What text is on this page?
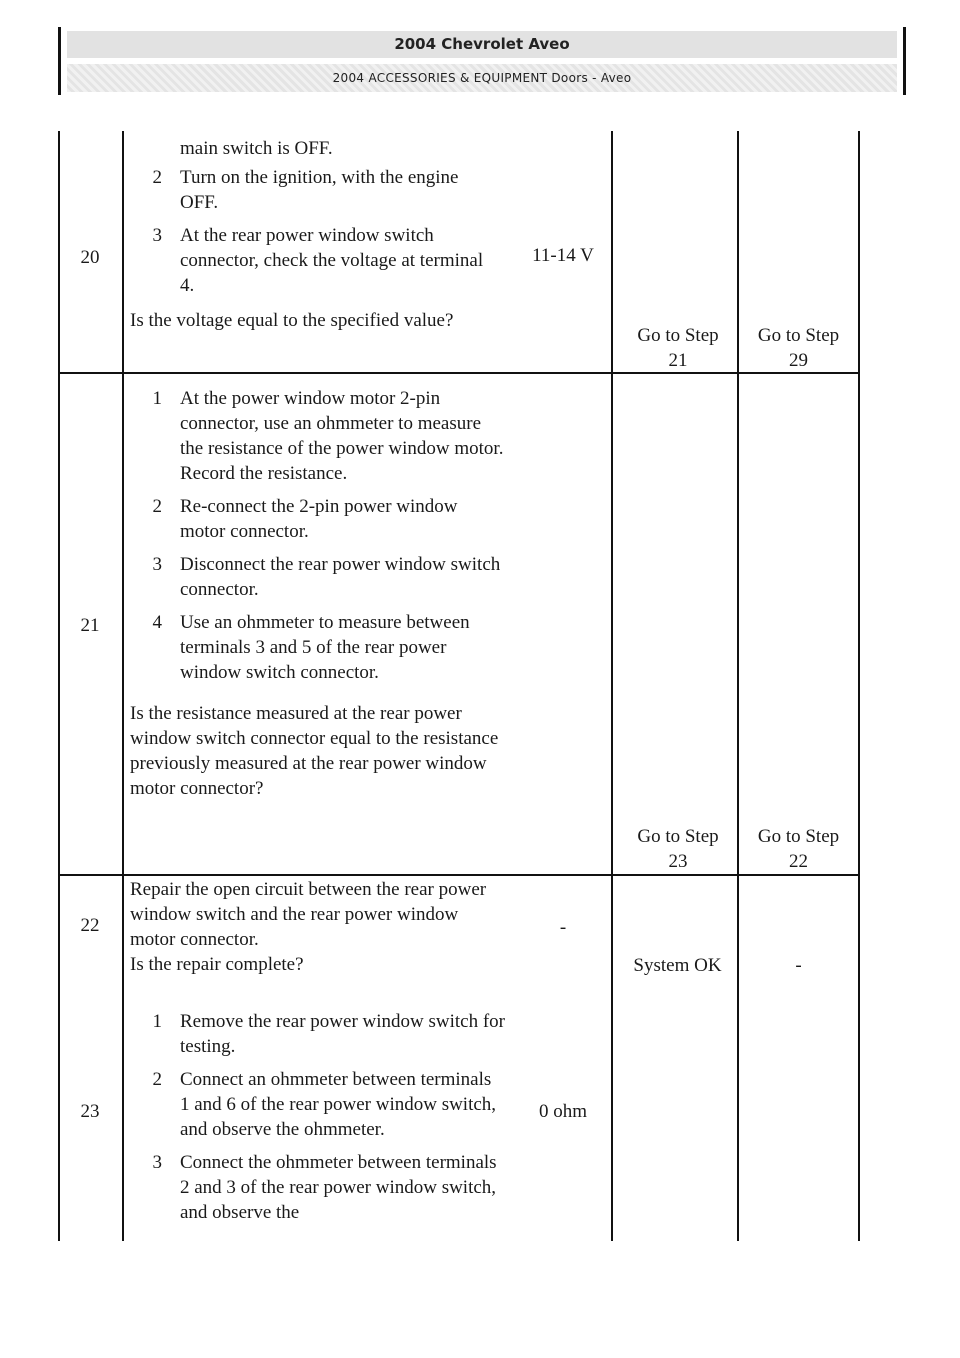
2004 Chevrolet Aveo
2004 ACCESSORIES & EQUIPMENT Doors - Aveo
20
main switch is OFF.
2 Turn on the ignition, with the engine OFF.
3 At the rear power window switch connector, check the voltage at terminal 4.
Is the voltage equal to the specified value?
11-14 V
Go to Step 21
Go to Step 29
21
1 At the power window motor 2-pin connector, use an ohmmeter to measure the resistance of the power window motor. Record the resistance.
2 Re-connect the 2-pin power window motor connector.
3 Disconnect the rear power window switch connector.
4 Use an ohmmeter to measure between terminals 3 and 5 of the rear power window switch connector.
Is the resistance measured at the rear power window switch connector equal to the resistance previously measured at the rear power window motor connector?
Go to Step 23
Go to Step 22
22
Repair the open circuit between the rear power window switch and the rear power window motor connector.
Is the repair complete?
-
System OK	-
23
1 Remove the rear power window switch for testing.
2 Connect an ohmmeter between terminals 1 and 6 of the rear power window switch, and observe the ohmmeter.
3 Connect the ohmmeter between terminals 2 and 3 of the rear power window switch, and observe the
0 ohm
